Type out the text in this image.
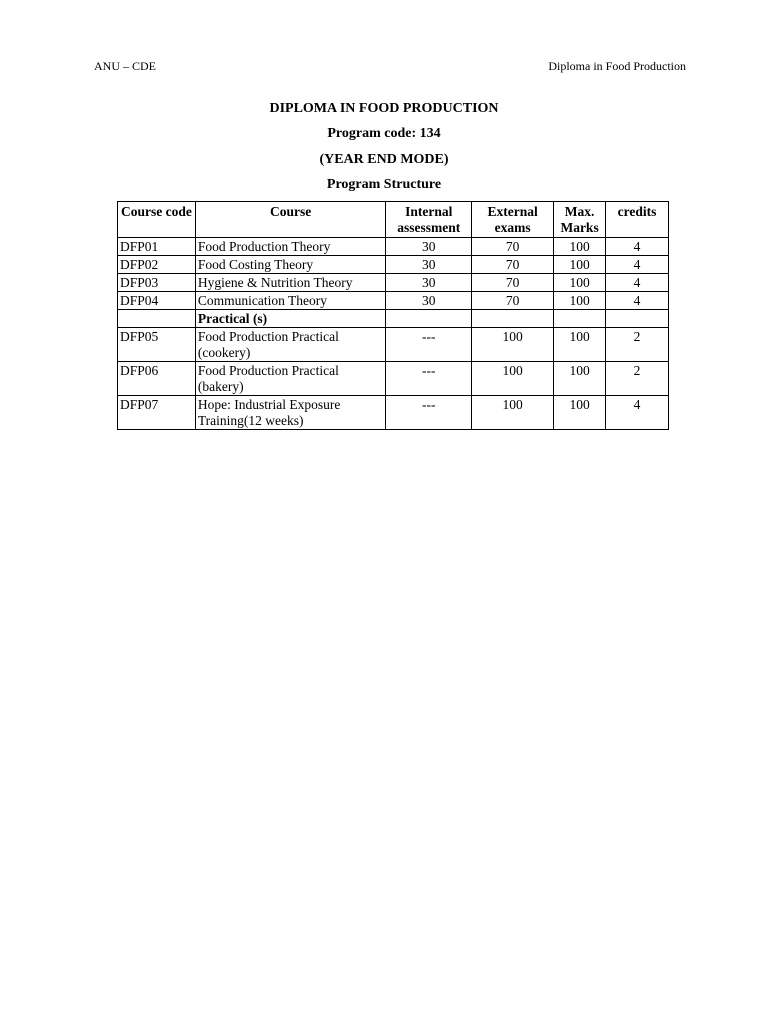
ANU – CDE	Diploma in Food Production
DIPLOMA IN FOOD PRODUCTION
Program code: 134
(YEAR END MODE)
Program Structure
Course code	Course	Internal assessment	External exams	Max. Marks	credits
DFP01	Food Production Theory	30	70	100	4
DFP02	Food Costing Theory	30	70	100	4
DFP03	Hygiene & Nutrition Theory	30	70	100	4
DFP04	Communication Theory	30	70	100	4
	Practical (s)				
DFP05	Food Production Practical (cookery)	---	100	100	2
DFP06	Food Production Practical (bakery)	---	100	100	2
DFP07	Hope: Industrial Exposure Training(12 weeks)	---	100	100	4
